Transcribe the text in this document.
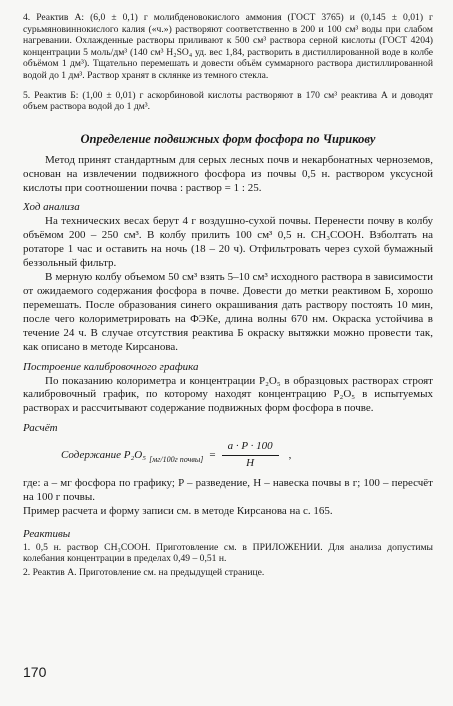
4. Реактив А: (6,0 ± 0,1) г молибденовокислого аммония (ГОСТ 3765) и (0,145 ± 0,01) г сурьмяновиннокислого калия («ч.») растворяют соответственно в 200 и 100 см³ воды при слабом нагревании. Охлажденные растворы приливают к 500 см³ раствора серной кислоты (ГОСТ 4204) концентрации 5 моль/дм³ (140 см³ H₂SO₄ уд. вес 1,84, растворить в дистиллированной воде в колбе объёмом 1 дм³). Тщательно перемешать и довести объём суммарного раствора дистиллированной водой до 1 дм³. Раствор хранят в склянке из темного стекла.

5. Реактив Б: (1,00 ± 0,01) г аскорбиновой кислоты растворяют в 170 см³ реактива А и доводят объем раствора водой до 1 дм³.

Определение подвижных форм фосфора по Чирикову

Метод принят стандартным для серых лесных почв и некарбонатных черноземов, основан на извлечении подвижного фосфора из почвы 0,5 н. раствором уксусной кислоты при соотношении почва : раствор = 1 : 25.

Ход анализа

На технических весах берут 4 г воздушно-сухой почвы. Перенести почву в колбу объёмом 200 – 250 см³. В колбу прилить 100 см³ 0,5 н. CH₃COOH. Взболтать на ротаторе 1 час и оставить на ночь (18 – 20 ч). Отфильтровать через сухой бумажный беззольный фильтр.

В мерную колбу объемом 50 см³ взять 5–10 см³ исходного раствора в зависимости от ожидаемого содержания фосфора в почве. Довести до метки реактивом Б, хорошо перемешать. После образования синего окрашивания дать раствору постоять 10 мин, после чего колориметрировать на ФЭКе, длина волны 670 нм. Окраска устойчива в течение 24 ч. В случае отсутствия реактива Б окраску вытяжки можно провести так, как описано в методе Кирсанова.

Построение калибровочного графика

По показанию колориметра и концентрации P₂O₅ в образцовых растворах строят калибровочный график, по которому находят концентрацию P₂O₅ в испытуемых растворах и рассчитывают содержание подвижных форм фосфора в почве.

Расчёт
Содержание P₂O₅ [мг/100г почвы] = $\frac{a \cdot P \cdot 100}{H}$ ,

где: a – мг фосфора по графику; P – разведение, H – навеска почвы в г; 100 – пересчёт на 100 г почвы.

Пример расчета и форму записи см. в методе Кирсанова на с. 165.

Реактивы

1. 0,5 н. раствор CH₃COOH. Приготовление см. в ПРИЛОЖЕНИИ. Для анализа допустимы колебания концентрации в пределах 0,49 – 0,51 н.

2. Реактив А. Приготовление см. на предыдущей странице.

170
